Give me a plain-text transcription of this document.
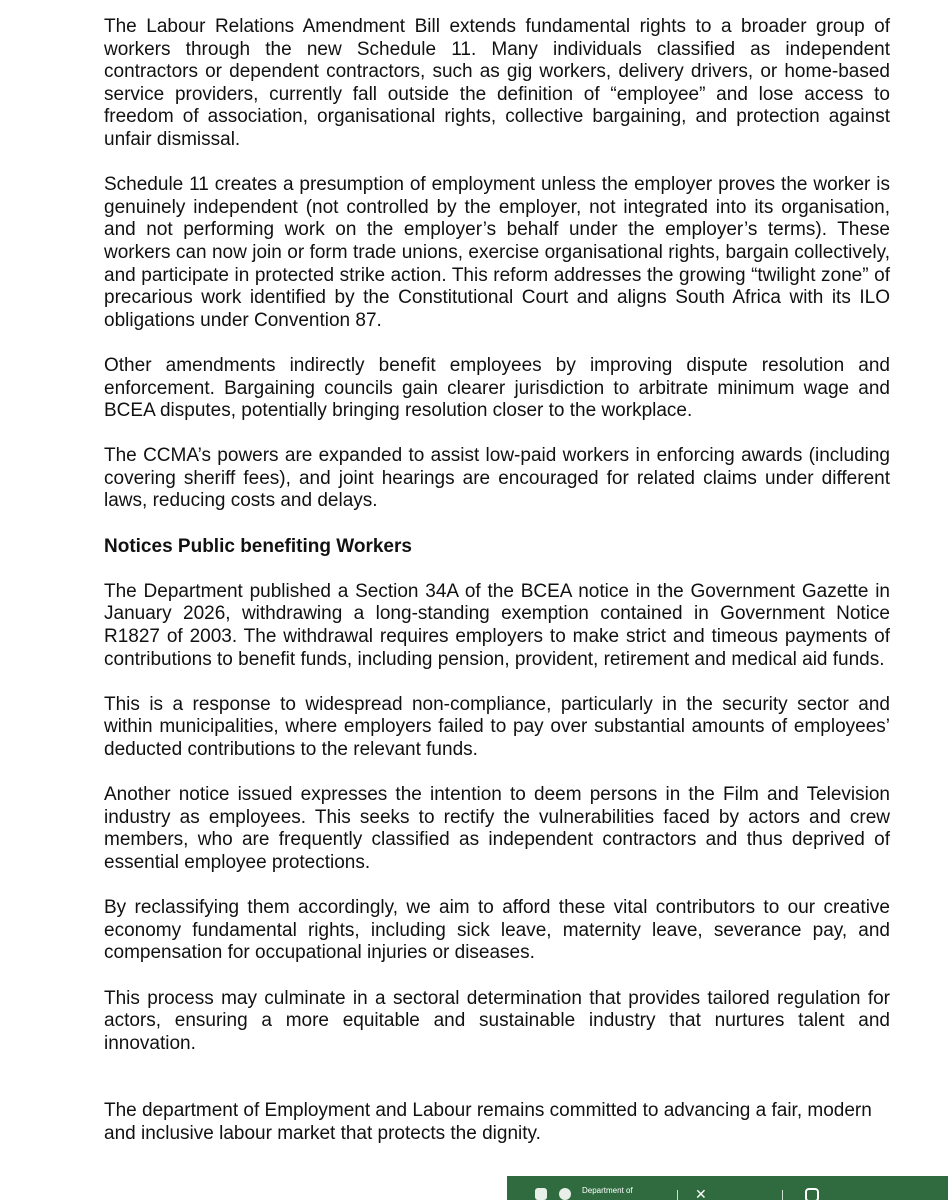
The Labour Relations Amendment Bill extends fundamental rights to a broader group of workers through the new Schedule 11. Many individuals classified as independent contractors or dependent contractors, such as gig workers, delivery drivers, or home-based service providers, currently fall outside the definition of “employee” and lose access to freedom of association, organisational rights, collective bargaining, and protection against unfair dismissal.

Schedule 11 creates a presumption of employment unless the employer proves the worker is genuinely independent (not controlled by the employer, not integrated into its organisation, and not performing work on the employer’s behalf under the employer’s terms). These workers can now join or form trade unions, exercise organisational rights, bargain collectively, and participate in protected strike action. This reform addresses the growing “twilight zone” of precarious work identified by the Constitutional Court and aligns South Africa with its ILO obligations under Convention 87.

Other amendments indirectly benefit employees by improving dispute resolution and enforcement. Bargaining councils gain clearer jurisdiction to arbitrate minimum wage and BCEA disputes, potentially bringing resolution closer to the workplace.

The CCMA’s powers are expanded to assist low-paid workers in enforcing awards (including covering sheriff fees), and joint hearings are encouraged for related claims under different laws, reducing costs and delays.

Notices Public benefiting Workers

The Department published a Section 34A of the BCEA notice in the Government Gazette in January 2026, withdrawing a long-standing exemption contained in Government Notice R1827 of 2003. The withdrawal requires employers to make strict and timeous payments of contributions to benefit funds, including pension, provident, retirement and medical aid funds.

This is a response to widespread non-compliance, particularly in the security sector and within municipalities, where employers failed to pay over substantial amounts of employees’ deducted contributions to the relevant funds.

Another notice issued expresses the intention to deem persons in the Film and Television industry as employees. This seeks to rectify the vulnerabilities faced by actors and crew members, who are frequently classified as independent contractors and thus deprived of essential employee protections.

By reclassifying them accordingly, we aim to afford these vital contributors to our creative economy fundamental rights, including sick leave, maternity leave, severance pay, and compensation for occupational injuries or diseases.

This process may culminate in a sectoral determination that provides tailored regulation for actors, ensuring a more equitable and sustainable industry that nurtures talent and innovation.

The department of Employment and Labour remains committed to advancing a fair, modern and inclusive labour market that protects the dignity.

Department of	✕
